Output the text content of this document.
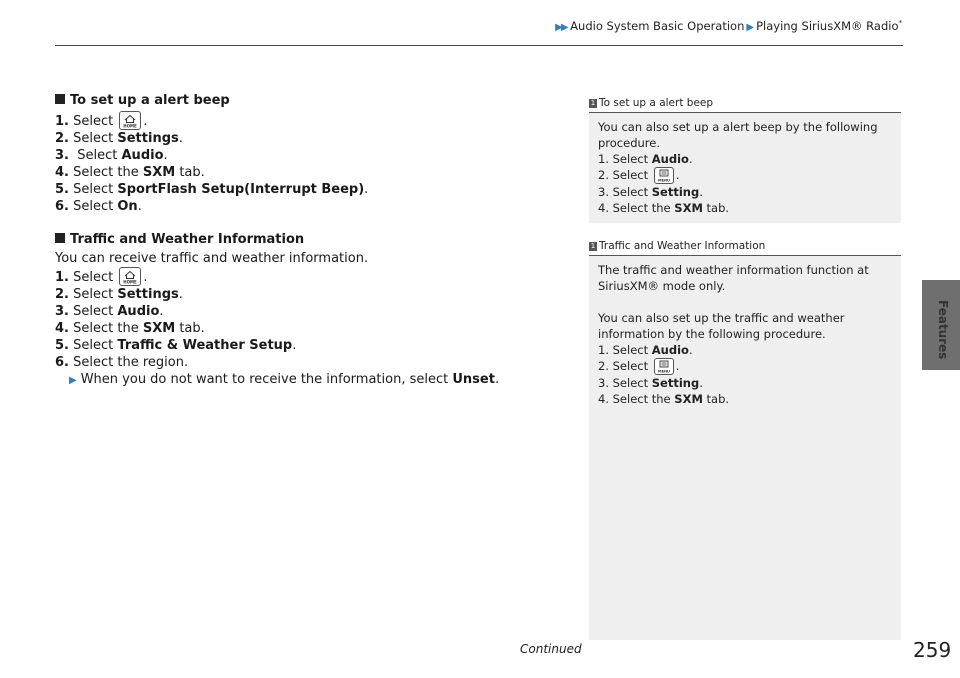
▶▶ Audio System Basic Operation ▶ Playing SiriusXM® Radio*
Features
To set up a alert beep

1. Select	HOME .

2. Select Settings.

3. Select Audio.

4. Select the SXM tab.

5. Select SportFlash Setup(Interrupt Beep).

6. Select On.

Traffic and Weather Information

You can receive traffic and weather information.

1. Select	HOME .

2. Select Settings.

3. Select Audio.

4. Select the SXM tab.

5. Select Traffic & Weather Setup.

6. Select the region.

▶ When you do not want to receive the information, select Unset.

1 To set up a alert beep

You can also set up a alert beep by the following procedure.

1. Select Audio.

2. Select	MENU .

3. Select Setting.

4. Select the SXM tab.

1 Traffic and Weather Information

The traffic and weather information function at SiriusXM® mode only.

You can also set up the traffic and weather information by the following procedure.

1. Select Audio.

2. Select	MENU .

3. Select Setting.

4. Select the SXM tab.

Continued	259
